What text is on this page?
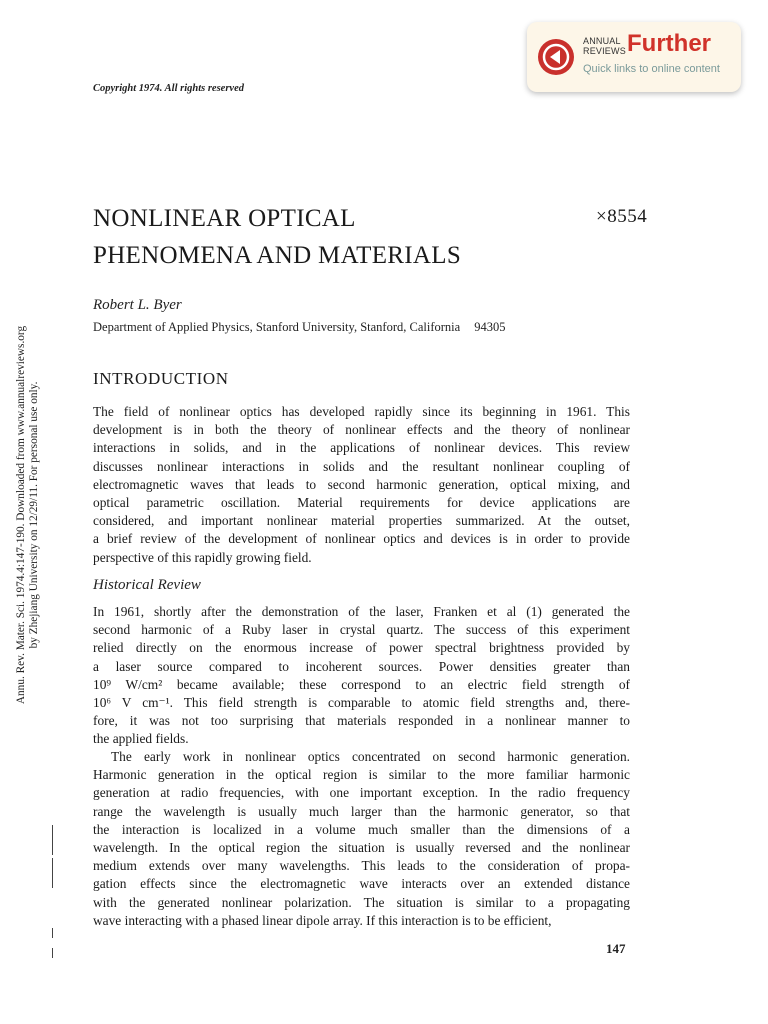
ANNUAL
REVIEWS Further
Quick links to online content
Copyright 1974. All rights reserved
NONLINEAR OPTICAL
PHENOMENA AND MATERIALS
×8554
Robert L. Byer
Department of Applied Physics, Stanford University, Stanford, California 94305
INTRODUCTION
The field of nonlinear optics has developed rapidly since its beginning in 1961. This
development is in both the theory of nonlinear effects and the theory of nonlinear
interactions in solids, and in the applications of nonlinear devices. This review
discusses nonlinear interactions in solids and the resultant nonlinear coupling of
electromagnetic waves that leads to second harmonic generation, optical mixing, and
optical parametric oscillation. Material requirements for device applications are
considered, and important nonlinear material properties summarized. At the outset,
a brief review of the development of nonlinear optics and devices is in order to provide
perspective of this rapidly growing field.
Historical Review
In 1961, shortly after the demonstration of the laser, Franken et al (1) generated the
second harmonic of a Ruby laser in crystal quartz. The success of this experiment
relied directly on the enormous increase of power spectral brightness provided by
a laser source compared to incoherent sources. Power densities greater than
10⁹ W/cm² became available; these correspond to an electric field strength of
10⁶ V cm⁻¹. This field strength is comparable to atomic field strengths and, there-
fore, it was not too surprising that materials responded in a nonlinear manner to
the applied fields.
The early work in nonlinear optics concentrated on second harmonic generation.
Harmonic generation in the optical region is similar to the more familiar harmonic
generation at radio frequencies, with one important exception. In the radio frequency
range the wavelength is usually much larger than the harmonic generator, so that
the interaction is localized in a volume much smaller than the dimensions of a
wavelength. In the optical region the situation is usually reversed and the nonlinear
medium extends over many wavelengths. This leads to the consideration of propa-
gation effects since the electromagnetic wave interacts over an extended distance
with the generated nonlinear polarization. The situation is similar to a propagating
wave interacting with a phased linear dipole array. If this interaction is to be efficient,
147
Annu. Rev. Mater. Sci. 1974.4:147-190. Downloaded from www.annualreviews.org by Zhejiang University on 12/29/11. For personal use only.
